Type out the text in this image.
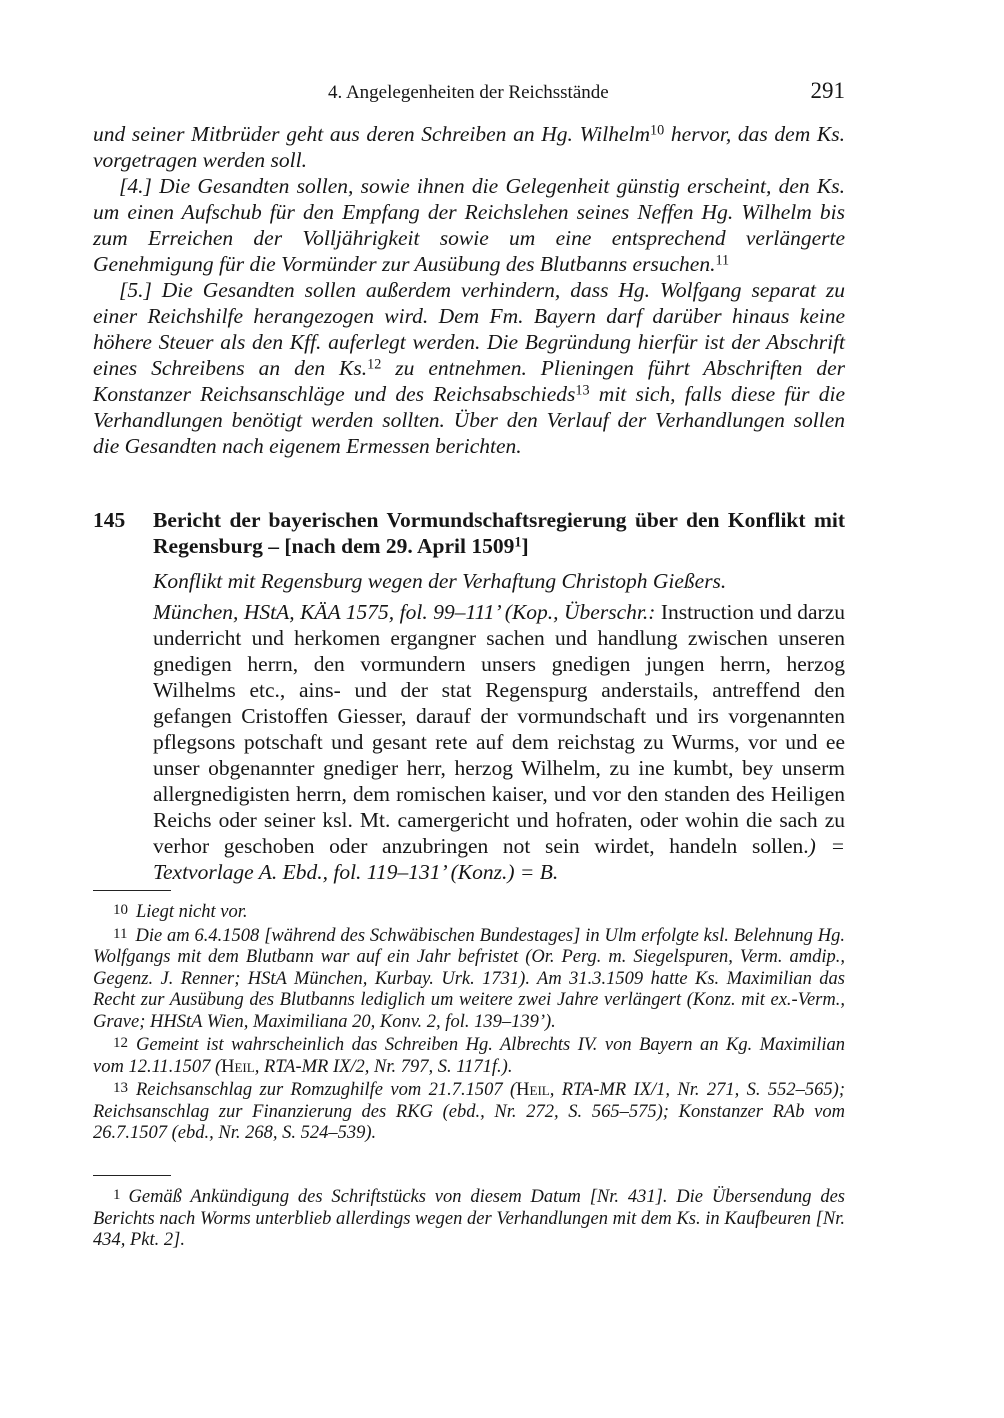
4. Angelegenheiten der Reichsstände	291

und seiner Mitbrüder geht aus deren Schreiben an Hg. Wilhelm$^{10}$ hervor, das dem Ks. vorgetragen werden soll.

[4.] Die Gesandten sollen, sowie ihnen die Gelegenheit günstig erscheint, den Ks. um einen Aufschub für den Empfang der Reichslehen seines Neffen Hg. Wilhelm bis zum Erreichen der Volljährigkeit sowie um eine entsprechend verlängerte Genehmigung für die Vormünder zur Ausübung des Blutbanns ersuchen.$^{11}$

[5.] Die Gesandten sollen außerdem verhindern, dass Hg. Wolfgang separat zu einer Reichshilfe herangezogen wird. Dem Fm. Bayern darf darüber hinaus keine höhere Steuer als den Kff. auferlegt werden. Die Begründung hierfür ist der Abschrift eines Schreibens an den Ks.$^{12}$ zu entnehmen. Plieningen führt Abschriften der Konstanzer Reichsanschläge und des Reichsabschieds$^{13}$ mit sich, falls diese für die Verhandlungen benötigt werden sollten. Über den Verlauf der Verhandlungen sollen die Gesandten nach eigenem Ermessen berichten.

145 Bericht der bayerischen Vormundschaftsregierung über den Konflikt mit Regensburg – [nach dem 29. April 1509$^1$]

Konflikt mit Regensburg wegen der Verhaftung Christoph Gießers.

München, HStA, KÄA 1575, fol. 99–111’ (Kop., Überschr.: Instruction und darzu underricht und herkomen ergangner sachen und handlung zwischen unseren gnedigen herrn, den vormundern unsers gnedigen jungen herrn, herzog Wilhelms etc., ains- und der stat Regenspurg anderstails, antreffend den gefangen Cristoffen Giesser, darauf der vormundschaft und irs vorgenannten pflegsons potschaft und gesant rete auf dem reichstag zu Wurms, vor und ee unser obgenannter gnediger herr, herzog Wilhelm, zu ine kumbt, bey unserm allergnedigisten herrn, dem romischen kaiser, und vor den standen des Heiligen Reichs oder seiner ksl. Mt. camergericht und hofraten, oder wohin die sach zu verhor geschoben oder anzubringen not sein wirdet, handeln sollen.) = Textvorlage A. Ebd., fol. 119–131’ (Konz.) = B.

10 Liegt nicht vor.

11 Die am 6.4.1508 [während des Schwäbischen Bundestages] in Ulm erfolgte ksl. Belehnung Hg. Wolfgangs mit dem Blutbann war auf ein Jahr befristet (Or. Perg. m. Siegelspuren, Verm. amdip., Gegenz. J. Renner; HStA München, Kurbay. Urk. 1731). Am 31.3.1509 hatte Ks. Maximilian das Recht zur Ausübung des Blutbanns lediglich um weitere zwei Jahre verlängert (Konz. mit ex.-Verm., Grave; HHStA Wien, Maximiliana 20, Konv. 2, fol. 139–139’).

12 Gemeint ist wahrscheinlich das Schreiben Hg. Albrechts IV. von Bayern an Kg. Maximilian vom 12.11.1507 (Heil, RTA-MR IX/2, Nr. 797, S. 1171f.).

13 Reichsanschlag zur Romzughilfe vom 21.7.1507 (Heil, RTA-MR IX/1, Nr. 271, S. 552–565); Reichsanschlag zur Finanzierung des RKG (ebd., Nr. 272, S. 565–575); Konstanzer RAb vom 26.7.1507 (ebd., Nr. 268, S. 524–539).

1 Gemäß Ankündigung des Schriftstücks von diesem Datum [Nr. 431]. Die Übersendung des Berichts nach Worms unterblieb allerdings wegen der Verhandlungen mit dem Ks. in Kaufbeuren [Nr. 434, Pkt. 2].
